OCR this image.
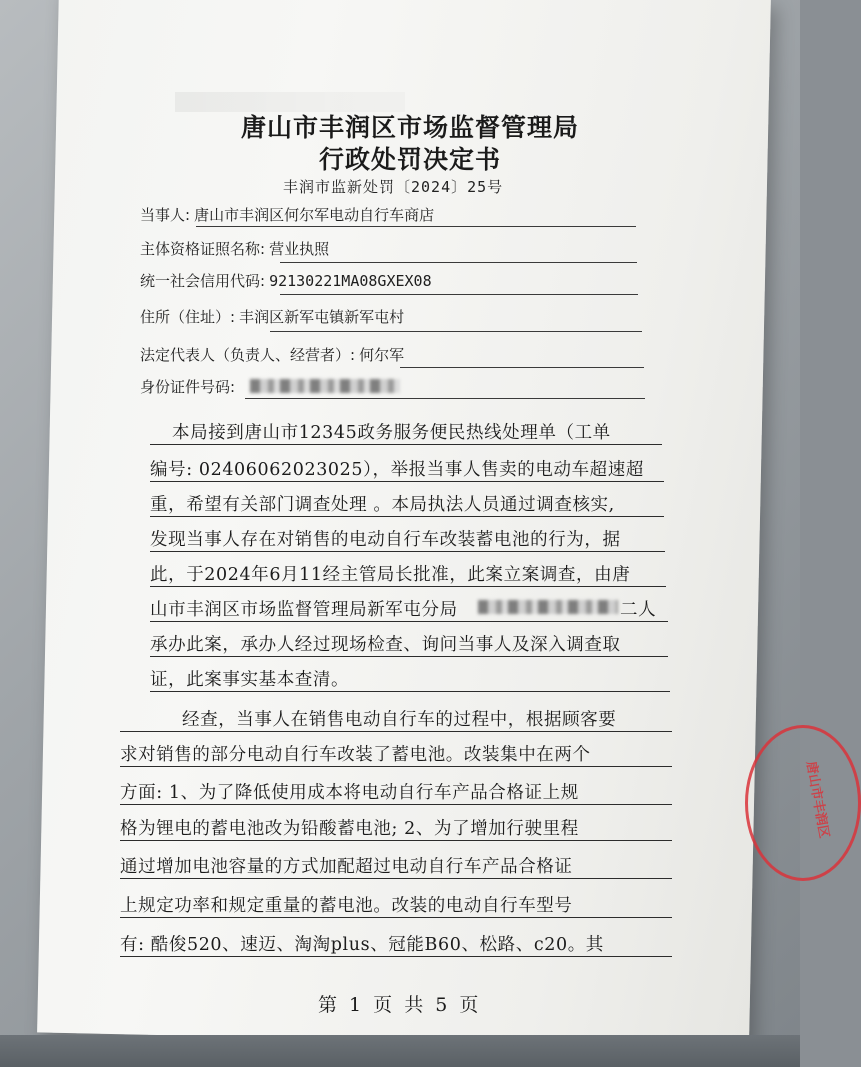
唐山市丰润区市场监督管理局
行政处罚决定书
丰润市监新处罚〔2024〕25号
当事人: 唐山市丰润区何尔军电动自行车商店
主体资格证照名称: 营业执照
统一社会信用代码: 92130221MA08GXEX08
住所（住址）: 丰润区新军屯镇新军屯村
法定代表人（负责人、经营者）: 何尔军
身份证件号码:
本局接到唐山市12345政务服务便民热线处理单（工单
编号: 02406062023025），举报当事人售卖的电动车超速超
重，希望有关部门调查处理 。本局执法人员通过调查核实,
发现当事人存在对销售的电动自行车改装蓄电池的行为，据
此，于2024年6月11经主管局长批准，此案立案调查，由唐
山市丰润区市场监督管理局新军屯分局	二人
承办此案，承办人经过现场检查、询问当事人及深入调查取
证，此案事实基本查清。
经查，当事人在销售电动自行车的过程中，根据顾客要
求对销售的部分电动自行车改装了蓄电池。改装集中在两个
方面: 1、为了降低使用成本将电动自行车产品合格证上规
格为锂电的蓄电池改为铅酸蓄电池; 2、为了增加行驶里程
通过增加电池容量的方式加配超过电动自行车产品合格证
上规定功率和规定重量的蓄电池。改装的电动自行车型号
有: 酷俊520、速迈、淘淘plus、冠能B60、松路、c20。其
第 1 页 共 5 页
唐山市丰润区
